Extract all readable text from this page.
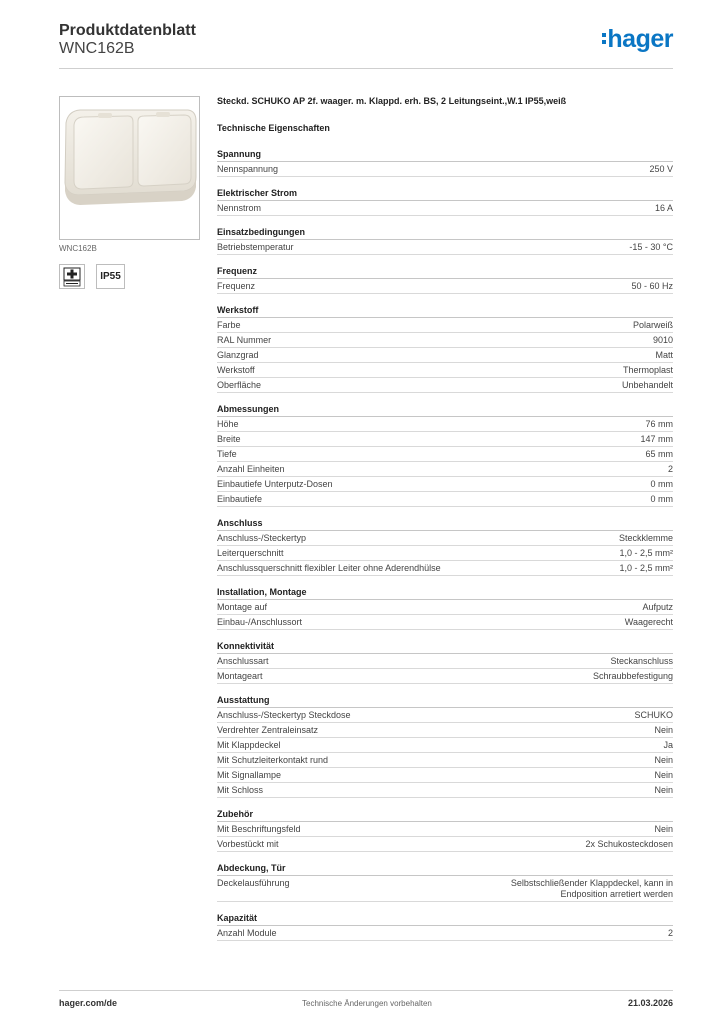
Produktdatenblatt
WNC162B	hager
WNC162B
IP55
Steckd. SCHUKO AP 2f. waager. m. Klappd. erh. BS, 2 Leitungseint.,W.1 IP55,weiß
Technische Eigenschaften
Spannung
Nennspannung	250 V
Elektrischer Strom
Nennstrom	16 A
Einsatzbedingungen
Betriebstemperatur	-15 - 30 °C
Frequenz
Frequenz	50 - 60 Hz
Werkstoff
Farbe	Polarweiß
RAL Nummer	9010
Glanzgrad	Matt
Werkstoff	Thermoplast
Oberfläche	Unbehandelt
Abmessungen
Höhe	76 mm
Breite	147 mm
Tiefe	65 mm
Anzahl Einheiten	2
Einbautiefe Unterputz-Dosen	0 mm
Einbautiefe	0 mm
Anschluss
Anschluss-/Steckertyp	Steckklemme
Leiterquerschnitt	1,0 - 2,5 mm²
Anschlussquerschnitt flexibler Leiter ohne Aderendhülse	1,0 - 2,5 mm²
Installation, Montage
Montage auf	Aufputz
Einbau-/Anschlussort	Waagerecht
Konnektivität
Anschlussart	Steckanschluss
Montageart	Schraubbefestigung
Ausstattung
Anschluss-/Steckertyp Steckdose	SCHUKO
Verdrehter Zentraleinsatz	Nein
Mit Klappdeckel	Ja
Mit Schutzleiterkontakt rund	Nein
Mit Signallampe	Nein
Mit Schloss	Nein
Zubehör
Mit Beschriftungsfeld	Nein
Vorbestückt mit	2x Schukosteckdosen
Abdeckung, Tür
Deckelausführung	Selbstschließender Klappdeckel, kann in Endposition arretiert werden
Kapazität
Anzahl Module	2
hager.com/de	Technische Änderungen vorbehalten	21.03.2026
